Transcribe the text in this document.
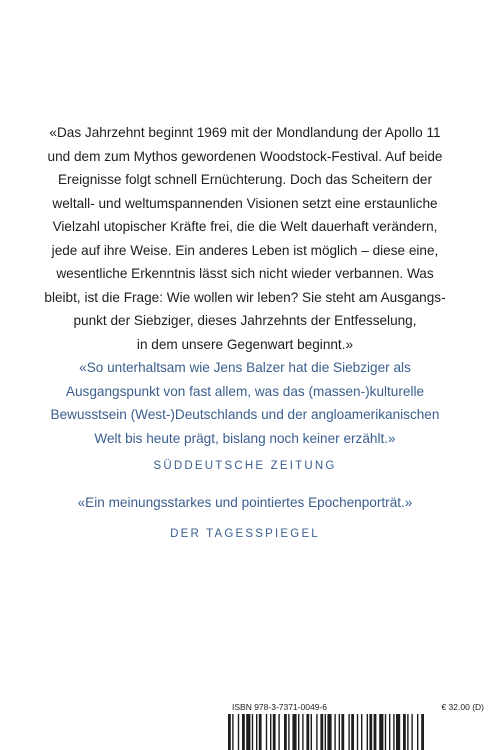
«Das Jahrzehnt beginnt 1969 mit der Mondlandung der Apollo 11
und dem zum Mythos gewordenen Woodstock-Festival. Auf beide
Ereignisse folgt schnell Ernüchterung. Doch das Scheitern der
weltall- und weltumspannenden Visionen setzt eine erstaunliche
Vielzahl utopischer Kräfte frei, die die Welt dauerhaft verändern,
jede auf ihre Weise. Ein anderes Leben ist möglich – diese eine,
wesentliche Erkenntnis lässt sich nicht wieder verbannen. Was
bleibt, ist die Frage: Wie wollen wir leben? Sie steht am Ausgangs-
punkt der Siebziger, dieses Jahrzehnts der Entfesselung,
in dem unsere Gegenwart beginnt.»
«So unterhaltsam wie Jens Balzer hat die Siebziger als
Ausgangspunkt von fast allem, was das (massen-)kulturelle
Bewusstsein (West-)Deutschlands und der angloamerikanischen
Welt bis heute prägt, bislang noch keiner erzählt.»
SÜDDEUTSCHE ZEITUNG
«Ein meinungsstarkes und pointiertes Epochenporträt.»
DER TAGESSPIEGEL
ISBN 978-3-7371-0049-6	€ 32.00 (D)
